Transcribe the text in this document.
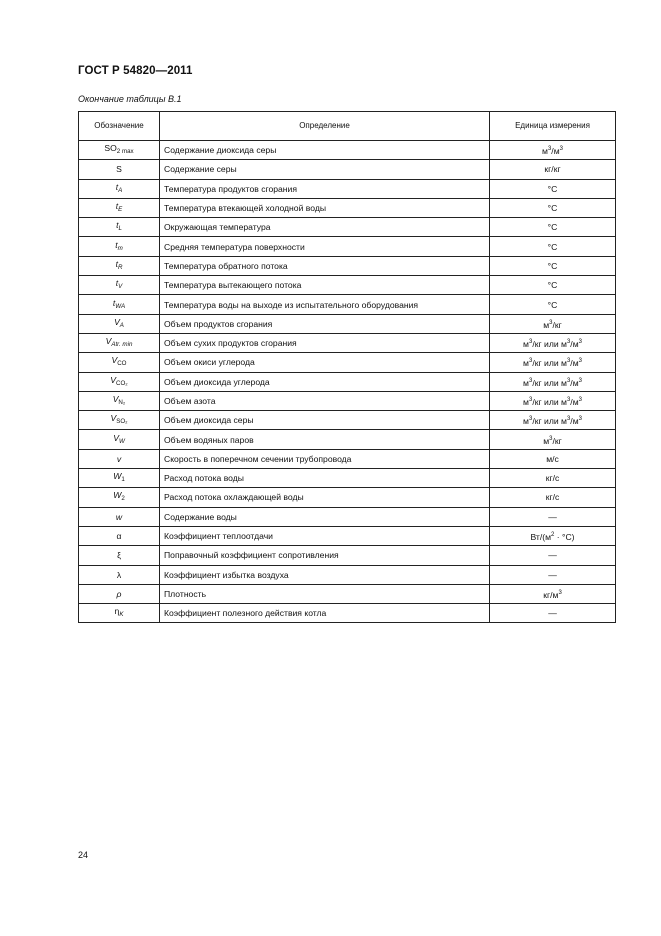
ГОСТ Р 54820—2011
Окончание таблицы В.1
Обозначение	Определение	Единица измерения
$SO_{2 max}$	Содержание диоксида серы	$м^3/м^3$
S	Содержание серы	кг/кг
$t_A$	Температура продуктов сгорания	°C
$t_E$	Температура втекающей холодной воды	°C
$t_L$	Окружающая температура	°C
$t_m$	Средняя температура поверхности	°C
$t_R$	Температура обратного потока	°C
$t_V$	Температура вытекающего потока	°C
$t_{WA}$	Температура воды на выходе из испытательного оборудования	°C
$V_A$	Объем продуктов сгорания	$м^3/кг$
$V_{Atr. min}$	Объем сухих продуктов сгорания	$м^3/кг$ или $м^3/м^3$
$V_{CO}$	Объем окиси углерода	$м^3/кг$ или $м^3/м^3$
$V_{CO_2}$	Объем диоксида углерода	$м^3/кг$ или $м^3/м^3$
$V_{N_2}$	Объем азота	$м^3/кг$ или $м^3/м^3$
$V_{SO_2}$	Объем диоксида серы	$м^3/кг$ или $м^3/м^3$
$V_W$	Объем водяных паров	$м^3/кг$
v	Скорость в поперечном сечении трубопровода	м/с
$W_1$	Расход потока воды	кг/с
$W_2$	Расход потока охлаждающей воды	кг/с
w	Содержание воды	—
α	Коэффициент теплоотдачи	$Вт/(м^2 \cdot ^\circ C)$
ξ	Поправочный коэффициент сопротивления	—
λ	Коэффициент избытка воздуха	—
ρ	Плотность	$кг/м^3$
$\eta_K$	Коэффициент полезного действия котла	—
24
